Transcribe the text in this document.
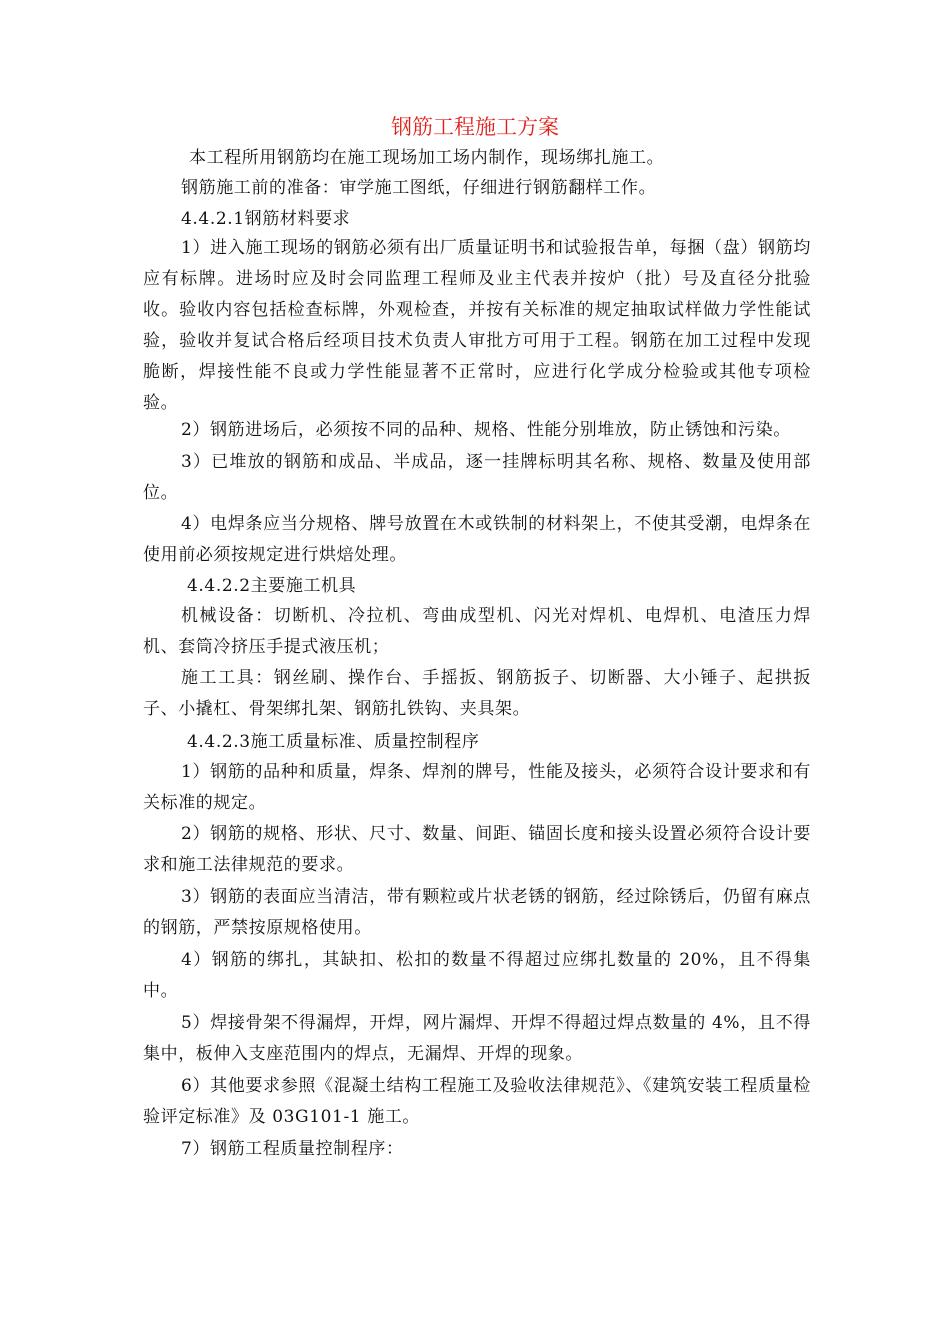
钢筋工程施工方案

本工程所用钢筋均在施工现场加工场内制作，现场绑扎施工。

钢筋施工前的准备：审学施工图纸，仔细进行钢筋翻样工作。

4.4.2.1钢筋材料要求

1）进入施工现场的钢筋必须有出厂质量证明书和试验报告单，每捆（盘）钢筋均应有标牌。进场时应及时会同监理工程师及业主代表并按炉（批）号及直径分批验收。验收内容包括检查标牌，外观检查，并按有关标准的规定抽取试样做力学性能试验，验收并复试合格后经项目技术负责人审批方可用于工程。钢筋在加工过程中发现脆断，焊接性能不良或力学性能显著不正常时，应进行化学成分检验或其他专项检验。

2）钢筋进场后，必须按不同的品种、规格、性能分别堆放，防止锈蚀和污染。

3）已堆放的钢筋和成品、半成品，逐一挂牌标明其名称、规格、数量及使用部位。

4）电焊条应当分规格、牌号放置在木或铁制的材料架上，不使其受潮，电焊条在使用前必须按规定进行烘焙处理。

4.4.2.2主要施工机具

机械设备：切断机、冷拉机、弯曲成型机、闪光对焊机、电焊机、电渣压力焊机、套筒冷挤压手提式液压机；

施工工具：钢丝刷、操作台、手摇扳、钢筋扳子、切断器、大小锤子、起拱扳子、小撬杠、骨架绑扎架、钢筋扎铁钩、夹具架。

4.4.2.3施工质量标准、质量控制程序

1）钢筋的品种和质量，焊条、焊剂的牌号，性能及接头，必须符合设计要求和有关标准的规定。

2）钢筋的规格、形状、尺寸、数量、间距、锚固长度和接头设置必须符合设计要求和施工法律规范的要求。

3）钢筋的表面应当清洁，带有颗粒或片状老锈的钢筋，经过除锈后，仍留有麻点的钢筋，严禁按原规格使用。

4）钢筋的绑扎，其缺扣、松扣的数量不得超过应绑扎数量的 20%，且不得集中。

5）焊接骨架不得漏焊，开焊，网片漏焊、开焊不得超过焊点数量的 4%，且不得集中，板伸入支座范围内的焊点，无漏焊、开焊的现象。

6）其他要求参照《混凝土结构工程施工及验收法律规范》、《建筑安装工程质量检验评定标准》及 03G101-1 施工。

7）钢筋工程质量控制程序：
